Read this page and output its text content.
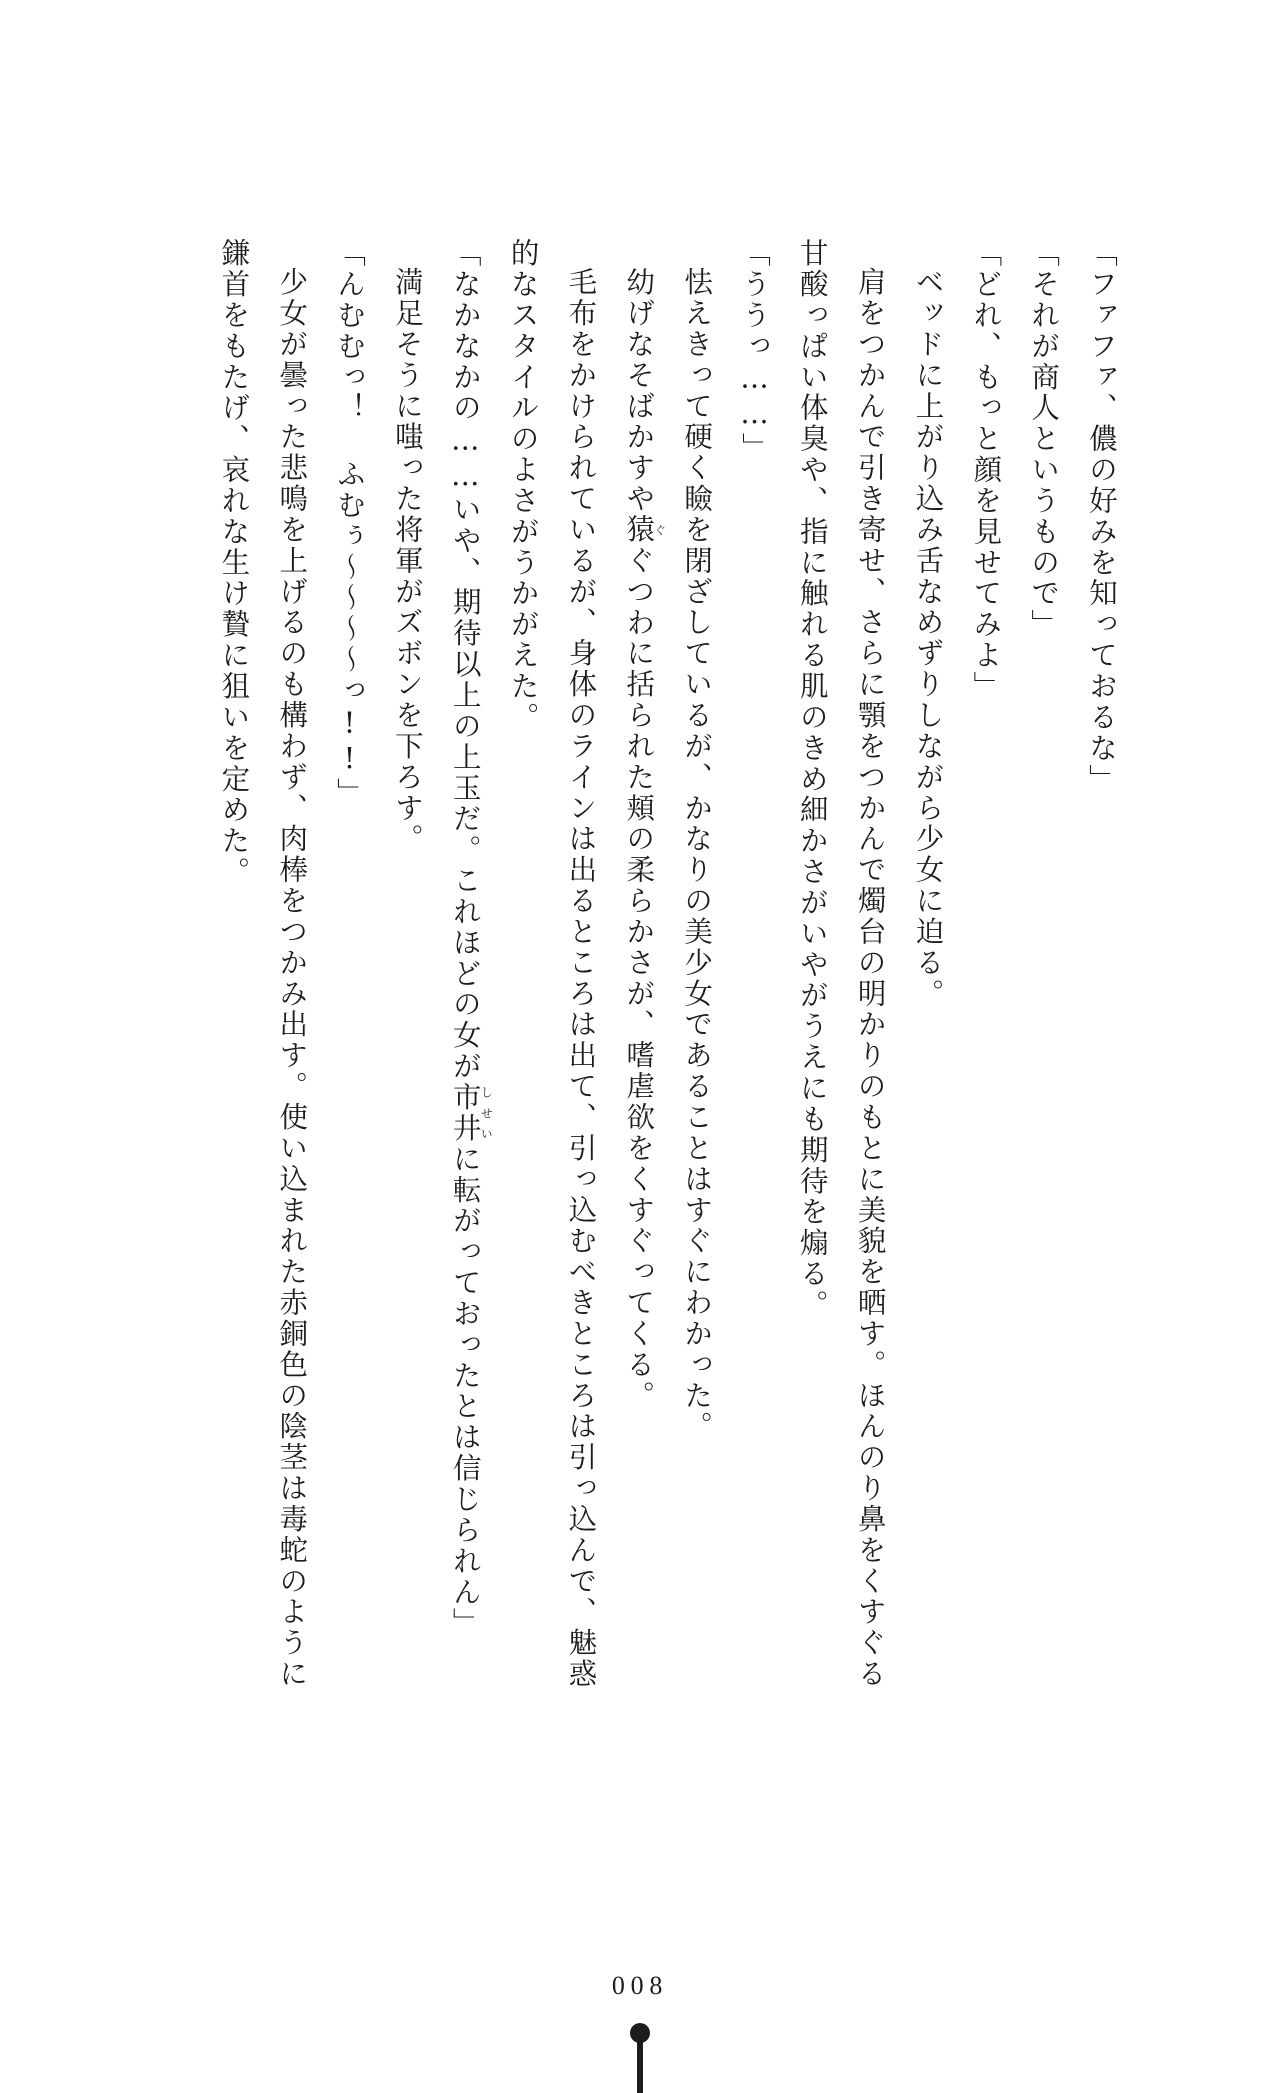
「ファファ、儂の好みを知っておるな」

「それが商人というもので」

「どれ、もっと顔を見せてみよ」

ベッドに上がり込み舌なめずりしながら少女に迫る。

肩をつかんで引き寄せ、さらに顎をつかんで燭台の明かりのもとに美貌を晒す。ほんのり鼻をくすぐる甘酸っぱい体臭や、指に触れる肌のきめ細かさがいやがうえにも期待を煽る。

「ううっ……」

怯えきって硬く瞼を閉ざしているが、かなりの美少女であることはすぐにわかった。

幼げなそばかすや猿ぐぐつわに括られた頬の柔らかさが、嗜虐欲をくすぐってくる。

毛布をかけられているが、身体のラインは出るところは出て、引っ込むべきところは引っ込んで、魅惑的なスタイルのよさがうかがえた。

「なかなかの……いや、期待以上の上玉だ。これほどの女が市井しせいに転がっておったとは信じられん」

満足そうに嗤った将軍がズボンを下ろす。

「んむむっ！ ふむぅ～～～～っ!!」

少女が曇った悲鳴を上げるのも構わず、肉棒をつかみ出す。使い込まれた赤銅色の陰茎は毒蛇のように鎌首をもたげ、哀れな生け贄に狙いを定めた。

008
